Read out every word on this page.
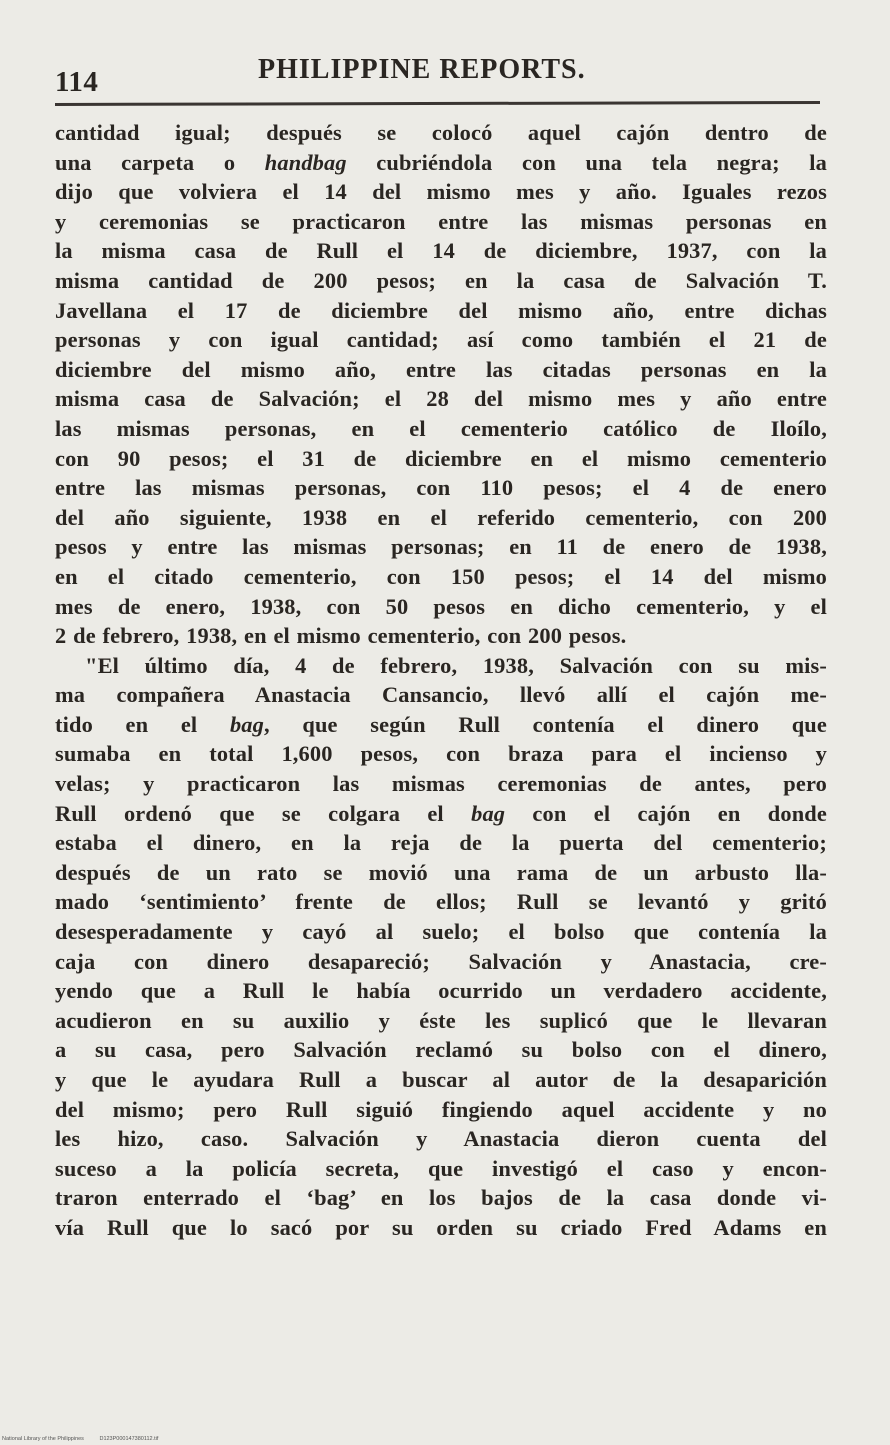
114	PHILIPPINE REPORTS.
cantidad igual; después se colocó aquel cajón dentro de
una carpeta o handbag cubriéndola con una tela negra; la
dijo que volviera el 14 del mismo mes y año. Iguales rezos
y ceremonias se practicaron entre las mismas personas en
la misma casa de Rull el 14 de diciembre, 1937, con la
misma cantidad de 200 pesos; en la casa de Salvación T.
Javellana el 17 de diciembre del mismo año, entre dichas
personas y con igual cantidad; así como también el 21 de
diciembre del mismo año, entre las citadas personas en la
misma casa de Salvación; el 28 del mismo mes y año entre
las mismas personas, en el cementerio católico de Iloílo,
con 90 pesos; el 31 de diciembre en el mismo cementerio
entre las mismas personas, con 110 pesos; el 4 de enero
del año siguiente, 1938 en el referido cementerio, con 200
pesos y entre las mismas personas; en 11 de enero de 1938,
en el citado cementerio, con 150 pesos; el 14 del mismo
mes de enero, 1938, con 50 pesos en dicho cementerio, y el
2 de febrero, 1938, en el mismo cementerio, con 200 pesos.
"El último día, 4 de febrero, 1938, Salvación con su mis-
ma compañera Anastacia Cansancio, llevó allí el cajón me-
tido en el bag, que según Rull contenía el dinero que
sumaba en total 1,600 pesos, con braza para el incienso y
velas; y practicaron las mismas ceremonias de antes, pero
Rull ordenó que se colgara el bag con el cajón en donde
estaba el dinero, en la reja de la puerta del cementerio;
después de un rato se movió una rama de un arbusto lla-
mado ‘sentimiento’ frente de ellos; Rull se levantó y gritó
desesperadamente y cayó al suelo; el bolso que contenía la
caja con dinero desapareció; Salvación y Anastacia, cre-
yendo que a Rull le había ocurrido un verdadero accidente,
acudieron en su auxilio y éste les suplicó que le llevaran
a su casa, pero Salvación reclamó su bolso con el dinero,
y que le ayudara Rull a buscar al autor de la desaparición
del mismo; pero Rull siguió fingiendo aquel accidente y no
les hizo, caso. Salvación y Anastacia dieron cuenta del
suceso a la policía secreta, que investigó el caso y encon-
traron enterrado el ‘bag’ en los bajos de la casa donde vi-
vía Rull que lo sacó por su orden su criado Fred Adams en
National Library of the Philippines	D123P000147380112.tif
